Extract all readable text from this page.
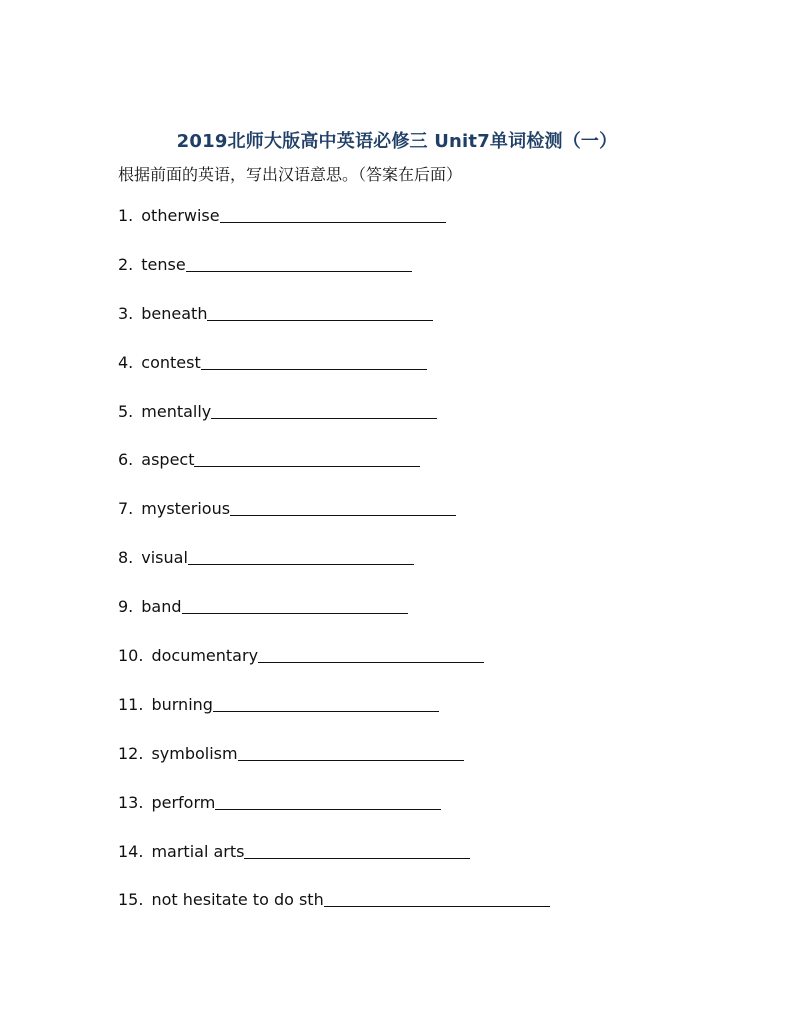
2019北师大版高中英语必修三 Unit7单词检测（一）
根据前面的英语，写出汉语意思。（答案在后面）
1. otherwise
2. tense
3. beneath
4. contest
5. mentally
6. aspect
7. mysterious
8. visual
9. band
10. documentary
11. burning
12. symbolism
13. perform
14. martial arts
15. not hesitate to do sth
